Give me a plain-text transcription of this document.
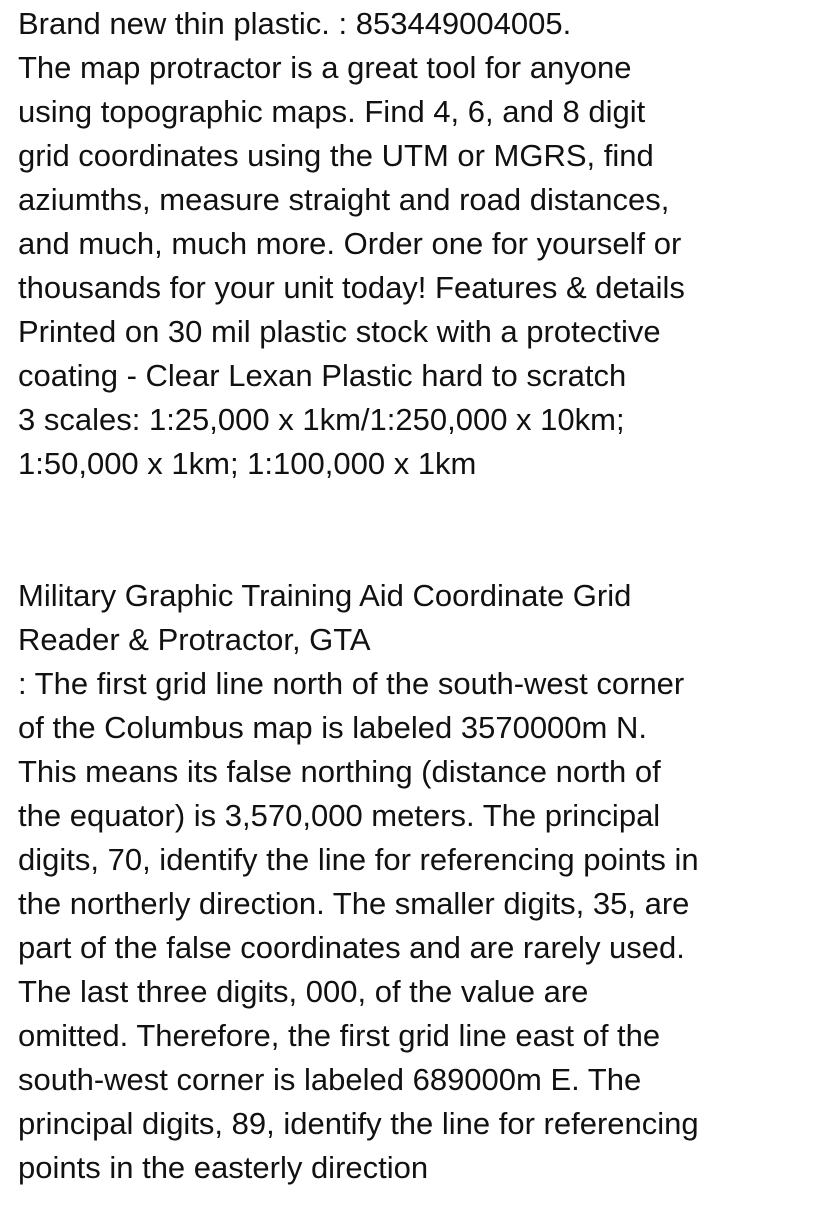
Brand new thin plastic. : 853449004005.

The map protractor is a great tool for anyone
using topographic maps. Find 4, 6, and 8 digit
grid coordinates using the UTM or MGRS, find
aziumths, measure straight and road distances,
and much, much more. Order one for yourself or
thousands for your unit today! Features & details
Printed on 30 mil plastic stock with a protective
coating - Clear Lexan Plastic hard to scratch
3 scales: 1:25,000 x 1km/1:250,000 x 10km;
1:50,000 x 1km; 1:100,000 x 1km

Military Graphic Training Aid Coordinate Grid
Reader & Protractor, GTA

: The first grid line north of the south-west corner
of the Columbus map is labeled 3570000m N.
This means its false northing (distance north of
the equator) is 3,570,000 meters. The principal
digits, 70, identify the line for referencing points in
the northerly direction. The smaller digits, 35, are
part of the false coordinates and are rarely used.
The last three digits, 000, of the value are
omitted. Therefore, the first grid line east of the
south-west corner is labeled 689000m E. The
principal digits, 89, identify the line for referencing
points in the easterly direction
